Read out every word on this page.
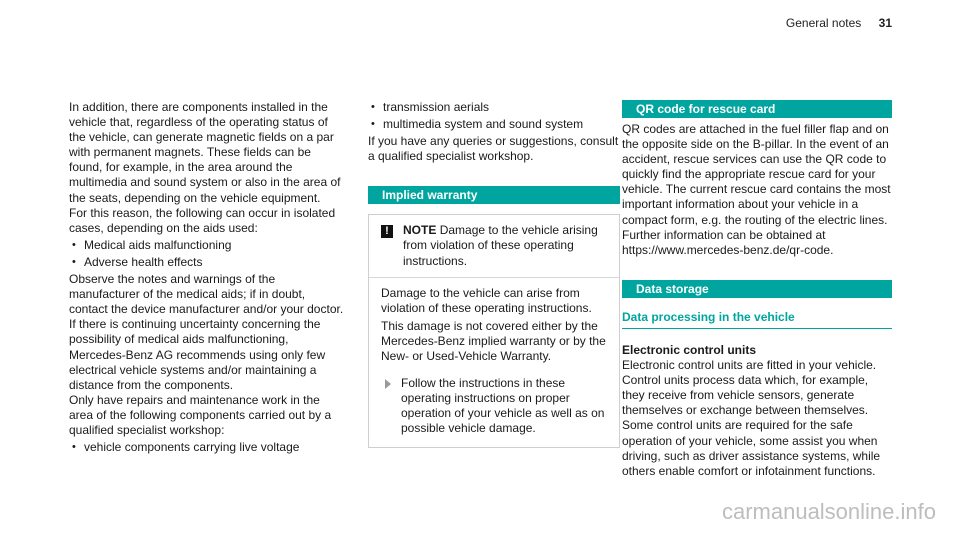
General notes 31

In addition, there are components installed in the vehicle that, regardless of the operating status of the vehicle, can generate magnetic fields on a par with permanent magnets. These fields can be found, for example, in the area around the multimedia and sound system or also in the area of the seats, depending on the vehicle equipment.

For this reason, the following can occur in isolated cases, depending on the aids used:

• Medical aids malfunctioning
• Adverse health effects

Observe the notes and warnings of the manufacturer of the medical aids; if in doubt, contact the device manufacturer and/or your doctor. If there is continuing uncertainty concerning the possibility of medical aids malfunctioning, Mercedes-Benz AG recommends using only few electrical vehicle systems and/or maintaining a distance from the components.

Only have repairs and maintenance work in the area of the following components carried out by a qualified specialist workshop:

• vehicle components carrying live voltage
• transmission aerials
• multimedia system and sound system

If you have any queries or suggestions, consult a qualified specialist workshop.

Implied warranty
!	NOTE Damage to the vehicle arising from violation of these operating instructions.

Damage to the vehicle can arise from violation of these operating instructions.

This damage is not covered either by the Mercedes-Benz implied warranty or by the New- or Used-Vehicle Warranty.

Follow the instructions in these operating instructions on proper operation of your vehicle as well as on possible vehicle damage.
QR code for rescue card

QR codes are attached in the fuel filler flap and on the opposite side on the B-pillar. In the event of an accident, rescue services can use the QR code to quickly find the appropriate rescue card for your vehicle. The current rescue card contains the most important information about your vehicle in a compact form, e.g. the routing of the electric lines.

Further information can be obtained at https://www.mercedes-benz.de/qr-code.

Data storage
Data processing in the vehicle

Electronic control units

Electronic control units are fitted in your vehicle. Control units process data which, for example, they receive from vehicle sensors, generate themselves or exchange between themselves. Some control units are required for the safe operation of your vehicle, some assist you when driving, such as driver assistance systems, while others enable comfort or infotainment functions.

carmanualsonline.info
